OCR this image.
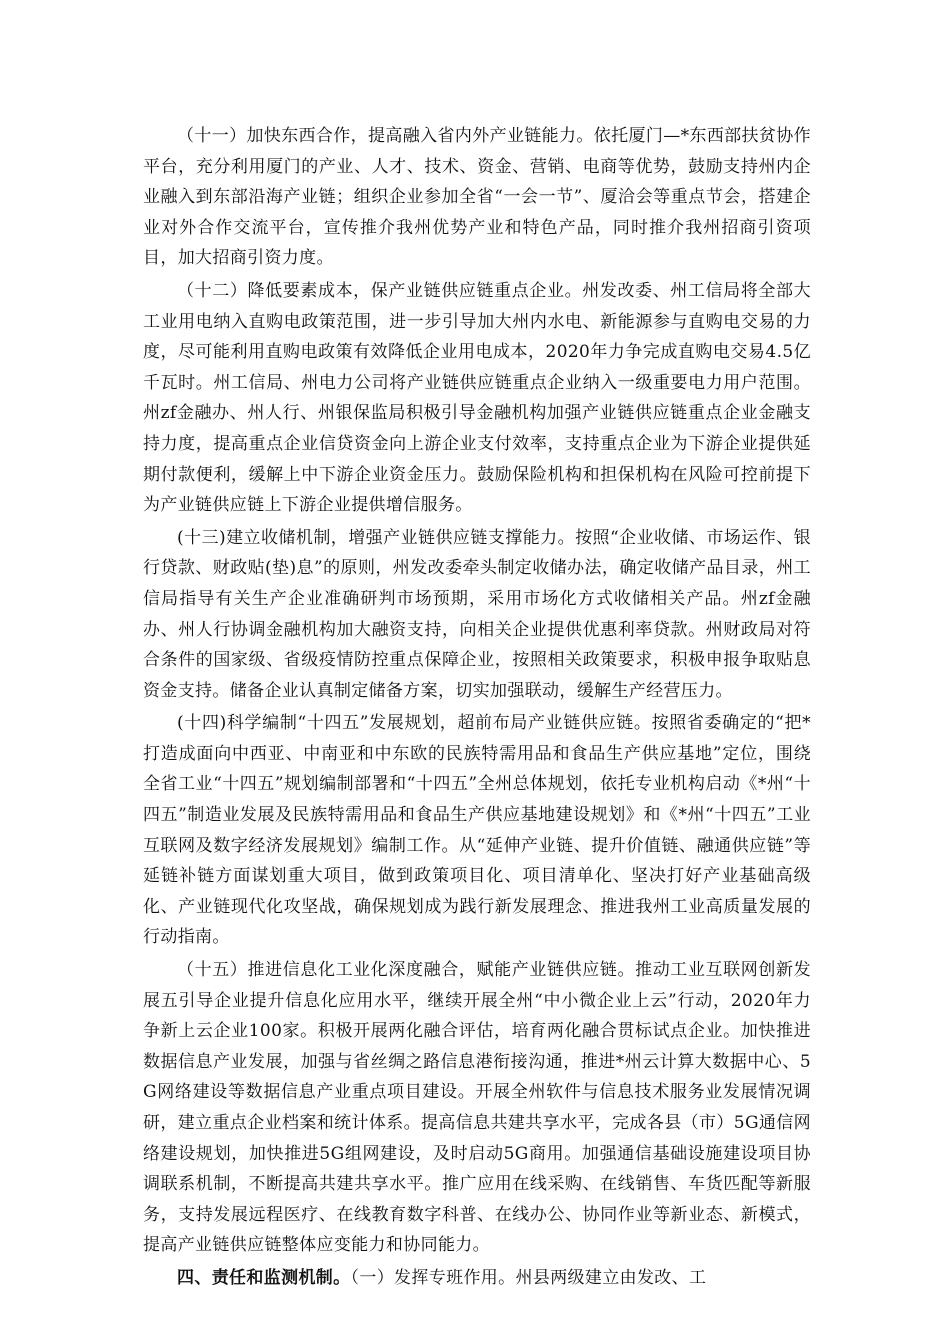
（十一）加快东西合作，提高融入省内外产业链能力。依托厦门—*东西部扶贫协作平台，充分利用厦门的产业、人才、技术、资金、营销、电商等优势，鼓励支持州内企业融入到东部沿海产业链；组织企业参加全省“一会一节”、厦洽会等重点节会，搭建企业对外合作交流平台，宣传推介我州优势产业和特色产品，同时推介我州招商引资项目，加大招商引资力度。

（十二）降低要素成本，保产业链供应链重点企业。州发改委、州工信局将全部大工业用电纳入直购电政策范围，进一步引导加大州内水电、新能源参与直购电交易的力度，尽可能利用直购电政策有效降低企业用电成本，2020年力争完成直购电交易4.5亿千瓦时。州工信局、州电力公司将产业链供应链重点企业纳入一级重要电力用户范围。州zf金融办、州人行、州银保监局积极引导金融机构加强产业链供应链重点企业金融支持力度，提高重点企业信贷资金向上游企业支付效率，支持重点企业为下游企业提供延期付款便利，缓解上中下游企业资金压力。鼓励保险机构和担保机构在风险可控前提下为产业链供应链上下游企业提供增信服务。

(十三)建立收储机制，增强产业链供应链支撑能力。按照“企业收储、市场运作、银行贷款、财政贴(垫)息”的原则，州发改委牵头制定收储办法，确定收储产品目录，州工信局指导有关生产企业准确研判市场预期，采用市场化方式收储相关产品。州zf金融办、州人行协调金融机构加大融资支持，向相关企业提供优惠利率贷款。州财政局对符合条件的国家级、省级疫情防控重点保障企业，按照相关政策要求，积极申报争取贴息资金支持。储备企业认真制定储备方案，切实加强联动，缓解生产经营压力。

(十四)科学编制“十四五”发展规划，超前布局产业链供应链。按照省委确定的“把*打造成面向中西亚、中南亚和中东欧的民族特需用品和食品生产供应基地”定位，围绕全省工业“十四五”规划编制部署和“十四五”全州总体规划，依托专业机构启动《*州“十四五”制造业发展及民族特需用品和食品生产供应基地建设规划》和《*州“十四五”工业互联网及数字经济发展规划》编制工作。从“延伸产业链、提升价值链、融通供应链”等延链补链方面谋划重大项目，做到政策项目化、项目清单化、坚决打好产业基础高级化、产业链现代化攻坚战，确保规划成为践行新发展理念、推进我州工业高质量发展的行动指南。

（十五）推进信息化工业化深度融合，赋能产业链供应链。推动工业互联网创新发展五引导企业提升信息化应用水平，继续开展全州“中小微企业上云”行动，2020年力争新上云企业100家。积极开展两化融合评估，培育两化融合贯标试点企业。加快推进数据信息产业发展，加强与省丝绸之路信息港衔接沟通，推进*州云计算大数据中心、5G网络建设等数据信息产业重点项目建设。开展全州软件与信息技术服务业发展情况调研，建立重点企业档案和统计体系。提高信息共建共享水平，完成各县（市）5G通信网络建设规划，加快推进5G组网建设，及时启动5G商用。加强通信基础设施建设项目协调联系机制，不断提高共建共享水平。推广应用在线采购、在线销售、车货匹配等新服务，支持发展远程医疗、在线教育数字科普、在线办公、协同作业等新业态、新模式，提高产业链供应链整体应变能力和协同能力。

四、责任和监测机制。（一）发挥专班作用。州县两级建立由发改、工
